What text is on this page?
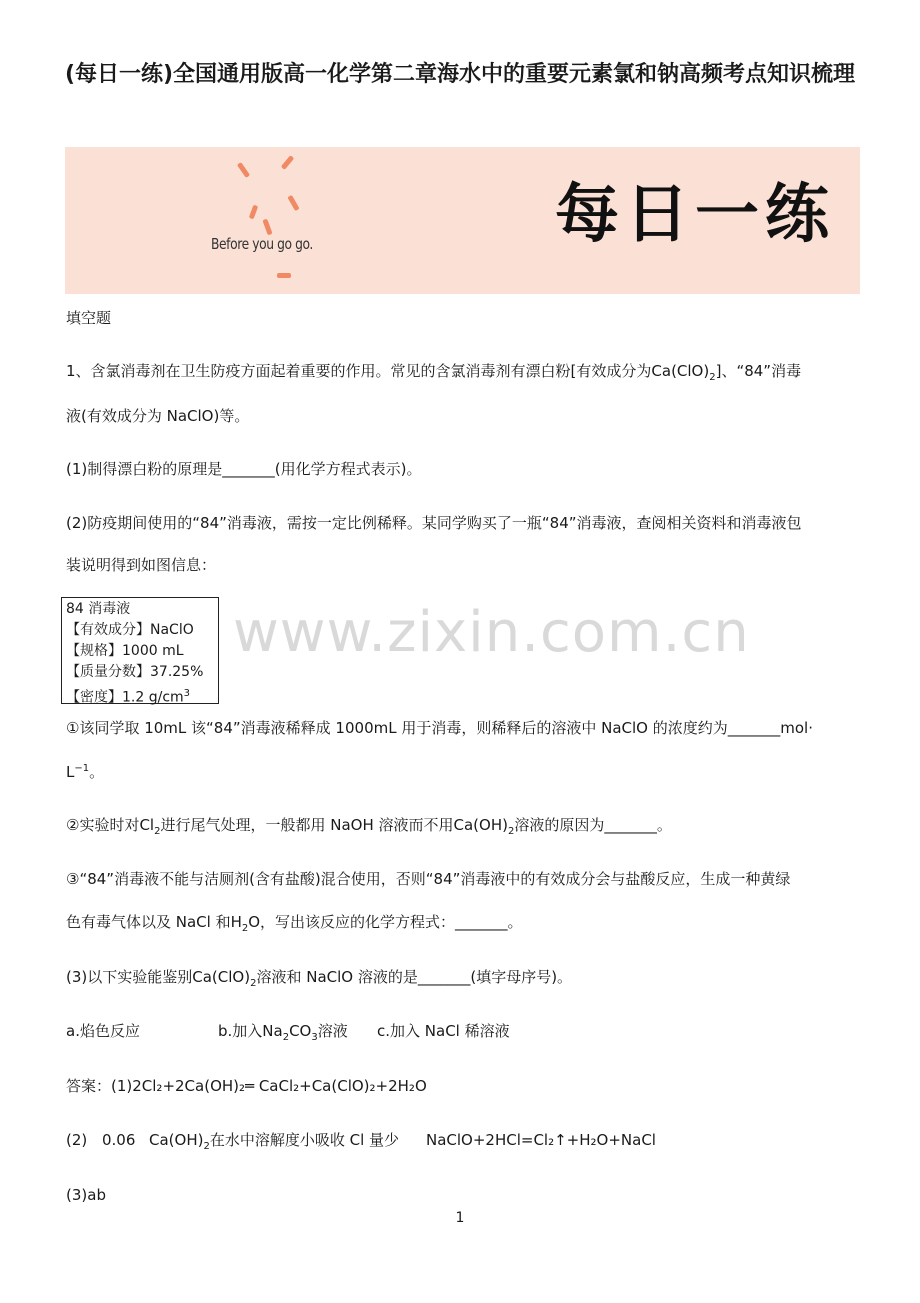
(每日一练)全国通用版高一化学第二章海水中的重要元素氯和钠高频考点知识梳理
Before you go go.	每日一练
填空题
1、含氯消毒剂在卫生防疫方面起着重要的作用。常见的含氯消毒剂有漂白粉[有效成分为$Ca(ClO)_2$]、“84”消毒
液(有效成分为 NaClO)等。
(1)制得漂白粉的原理是_______(用化学方程式表示)。
(2)防疫期间使用的“84”消毒液，需按一定比例稀释。某同学购买了一瓶“84”消毒液，查阅相关资料和消毒液包
装说明得到如图信息：
www.zixin.com.cn
84 消毒液
【有效成分】NaClO
【规格】1000 mL
【质量分数】37.25%
【密度】1.2 $g/cm^3$
①该同学取 10mL 该“84”消毒液稀释成 1000mL 用于消毒，则稀释后的溶液中 NaClO 的浓度约为_______mol·
$L^{-1}$。
②实验时对$Cl_2$进行尾气处理，一般都用 NaOH 溶液而不用$Ca(OH)_2$溶液的原因为_______。
③“84”消毒液不能与洁厕剂(含有盐酸)混合使用，否则“84”消毒液中的有效成分会与盐酸反应，生成一种黄绿
色有毒气体以及 NaCl 和$H_2O$，写出该反应的化学方程式：_______。
(3)以下实验能鉴别$Ca(ClO)_2$溶液和 NaClO 溶液的是_______(填字母序号)。
a.焰色反应	b.加入$Na_2CO_3$溶液 c.加入 NaCl 稀溶液
答案：(1)2Cl₂+2Ca(OH)₂═ CaCl₂+Ca(ClO)₂+2H₂O
(2) 0.06 $Ca(OH)_2$在水中溶解度小吸收 Cl 量少 NaClO+2HCl=Cl₂↑+H₂O+NaCl
(3)ab
1
